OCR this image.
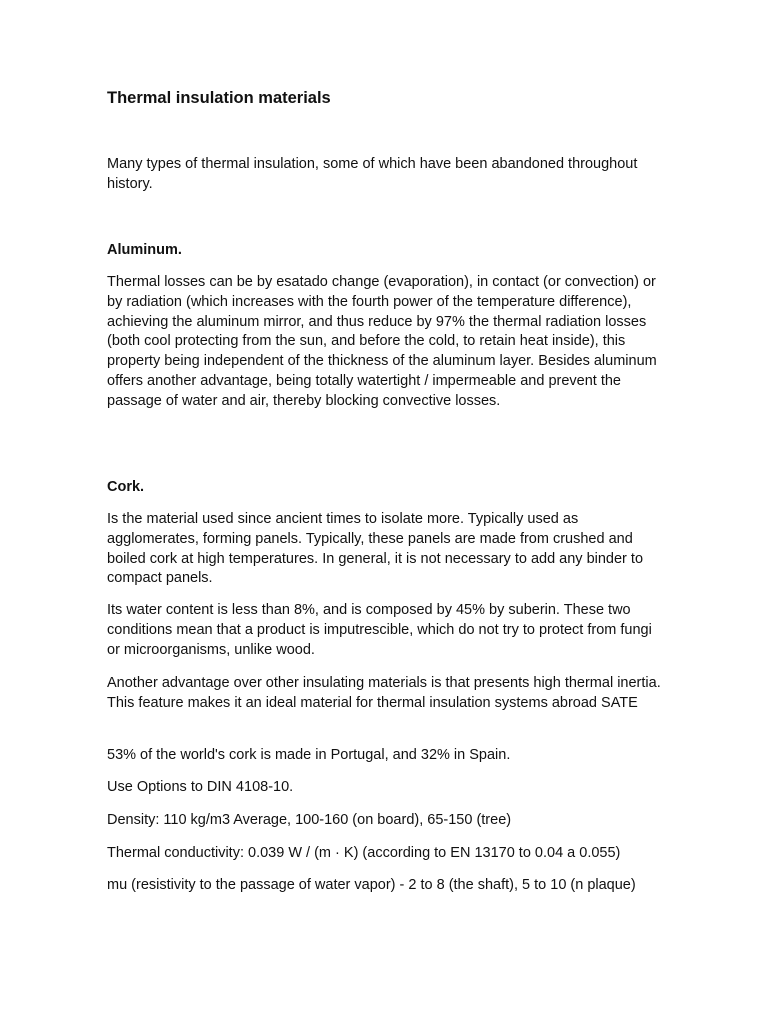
Thermal insulation materials

Many types of thermal insulation, some of which have been abandoned throughout history.

Aluminum.

Thermal losses can be by esatado change (evaporation), in contact (or convection) or by radiation (which increases with the fourth power of the temperature difference), achieving the aluminum mirror, and thus reduce by 97% the thermal radiation losses (both cool protecting from the sun, and before the cold, to retain heat inside), this property being independent of the thickness of the aluminum layer. Besides aluminum offers another advantage, being totally watertight / impermeable and prevent the passage of water and air, thereby blocking convective losses.

Cork.

Is the material used since ancient times to isolate more. Typically used as agglomerates, forming panels. Typically, these panels are made from crushed and boiled cork at high temperatures. In general, it is not necessary to add any binder to compact panels.

Its water content is less than 8%, and is composed by 45% by suberin. These two conditions mean that a product is imputrescible, which do not try to protect from fungi or microorganisms, unlike wood.

Another advantage over other insulating materials is that presents high thermal inertia. This feature makes it an ideal material for thermal insulation systems abroad SATE

53% of the world's cork is made in Portugal, and 32% in Spain.

Use Options to DIN 4108-10.

Density: 110 kg/m3 Average, 100-160 (on board), 65-150 (tree)

Thermal conductivity: 0.039 W / (m · K) (according to EN 13170 to 0.04 a 0.055)

mu (resistivity to the passage of water vapor) - 2 to 8 (the shaft), 5 to 10 (n plaque)
